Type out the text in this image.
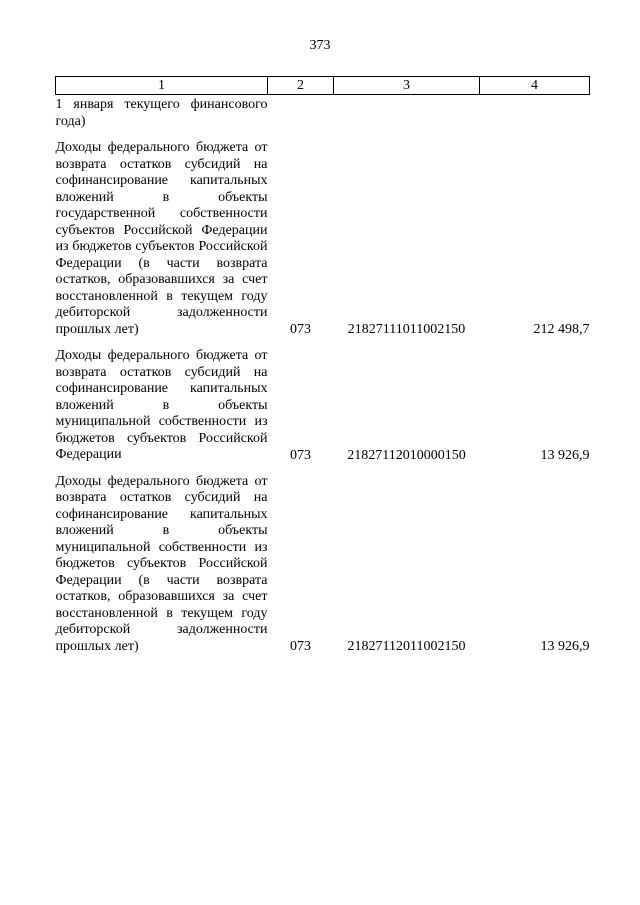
373
1	2	3	4
1 января текущего финансового года)			

Доходы федерального бюджета от возврата остатков субсидий на софинансирование капитальных вложений в объекты государственной собственности субъектов Российской Федерации из бюджетов субъектов Российской Федерации (в части возврата остатков, образовавшихся за счет восстановленной в текущем году дебиторской задолженности прошлых лет)	073	21827111011002150	212 498,7

Доходы федерального бюджета от возврата остатков субсидий на софинансирование капитальных вложений в объекты муниципальной собственности из бюджетов субъектов Российской Федерации	073	21827112010000150	13 926,9

Доходы федерального бюджета от возврата остатков субсидий на софинансирование капитальных вложений в объекты муниципальной собственности из бюджетов субъектов Российской Федерации (в части возврата остатков, образовавшихся за счет восстановленной в текущем году дебиторской задолженности прошлых лет)	073	21827112011002150	13 926,9
